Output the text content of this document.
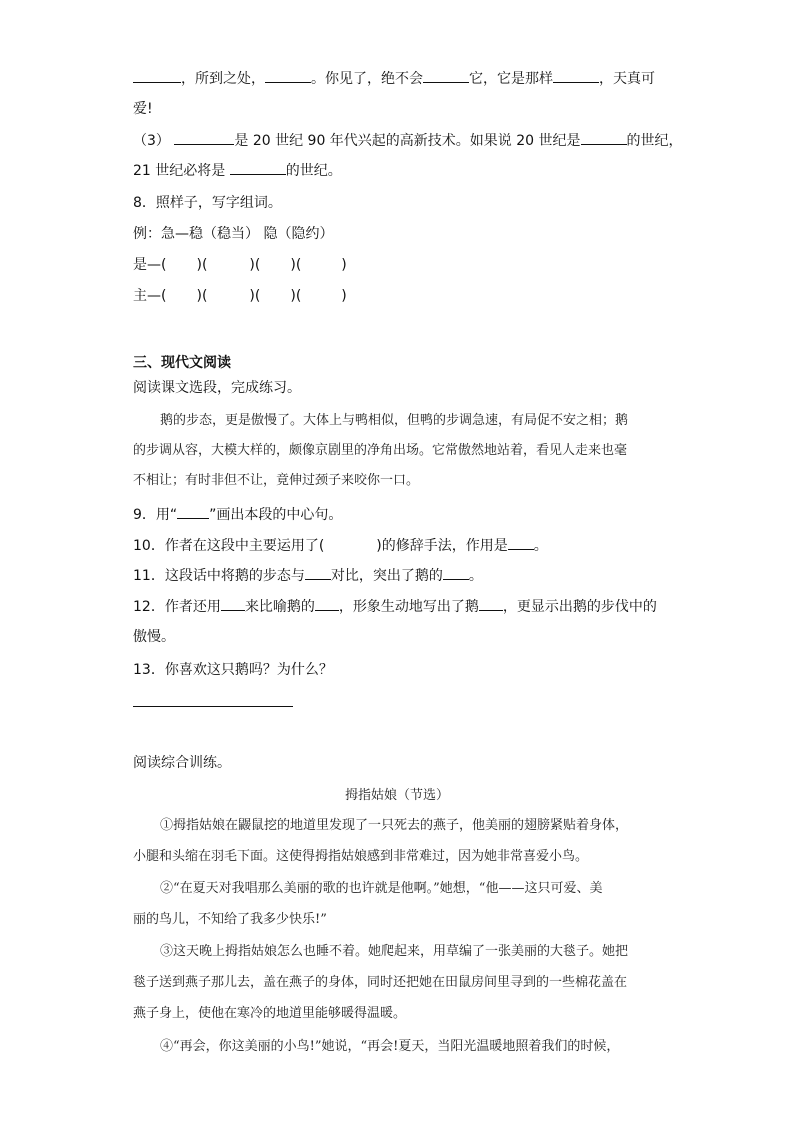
，所到之处，	。你见了，绝不会	它，它是那样	，天真可
爱!
（3）	是 20 世纪 90 年代兴起的高新技术。如果说 20 世纪是	的世纪，
21 世纪必将是	的世纪。
8．照样子，写字组词。
例：急—稳（稳当） 隐（隐约）
是—( )(	)( )(	)
主—( )(	)( )(	)
三、现代文阅读
阅读课文选段，完成练习。
鹅的步态，更是傲慢了。大体上与鸭相似，但鸭的步调急速，有局促不安之相；鹅
的步调从容，大模大样的，颇像京剧里的净角出场。它常傲然地站着，看见人走来也毫
不相让；有时非但不让，竟伸过颈子来咬你一口。
9．用“ ”画出本段的中心句。
10．作者在这段中主要运用了(	)的修辞手法，作用是 。
11．这段话中将鹅的步态与 对比，突出了鹅的 。
12．作者还用 来比喻鹅的 ，形象生动地写出了鹅 ，更显示出鹅的步伐中的
傲慢。
13．你喜欢这只鹅吗？为什么？
阅读综合训练。
拇指姑娘（节选）
①拇指姑娘在鼹鼠挖的地道里发现了一只死去的燕子，他美丽的翅膀紧贴着身体，
小腿和头缩在羽毛下面。这使得拇指姑娘感到非常难过，因为她非常喜爱小鸟。
②“在夏天对我唱那么美丽的歌的也许就是他啊。”她想，“他——这只可爱、美
丽的鸟儿，不知给了我多少快乐!”
③这天晚上拇指姑娘怎么也睡不着。她爬起来，用草编了一张美丽的大毯子。她把
毯子送到燕子那儿去，盖在燕子的身体，同时还把她在田鼠房间里寻到的一些棉花盖在
燕子身上，使他在寒冷的地道里能够暖得温暖。
④“再会，你这美丽的小鸟!”她说，“再会!夏天，当阳光温暖地照着我们的时候，
